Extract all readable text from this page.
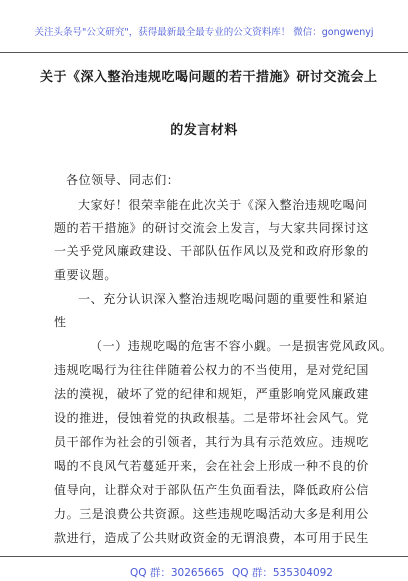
关注头条号"公文研究"，获得最新最全最专业的公文资料库！ 微信：gongwenyj
关于《深入整治违规吃喝问题的若干措施》研讨交流会上
的发言材料
各位领导、同志们：
大家好！很荣幸能在此次关于《深入整治违规吃喝问
题的若干措施》的研讨交流会上发言，与大家共同探讨这
一关乎党风廉政建设、干部队伍作风以及党和政府形象的
重要议题。
一、充分认识深入整治违规吃喝问题的重要性和紧迫
性
（一）违规吃喝的危害不容小觑。一是损害党风政风。
违规吃喝行为往往伴随着公权力的不当使用，是对党纪国
法的漠视，破坏了党的纪律和规矩，严重影响党风廉政建
设的推进，侵蚀着党的执政根基。二是带坏社会风气。党
员干部作为社会的引领者，其行为具有示范效应。违规吃
喝的不良风气若蔓延开来，会在社会上形成一种不良的价
值导向，让群众对于部队伍产生负面看法，降低政府公信
力。三是浪费公共资源。这些违规吃喝活动大多是利用公
款进行，造成了公共财政资金的无谓浪费，本可用于民生
QQ 群：30265665 QQ 群：535304092
